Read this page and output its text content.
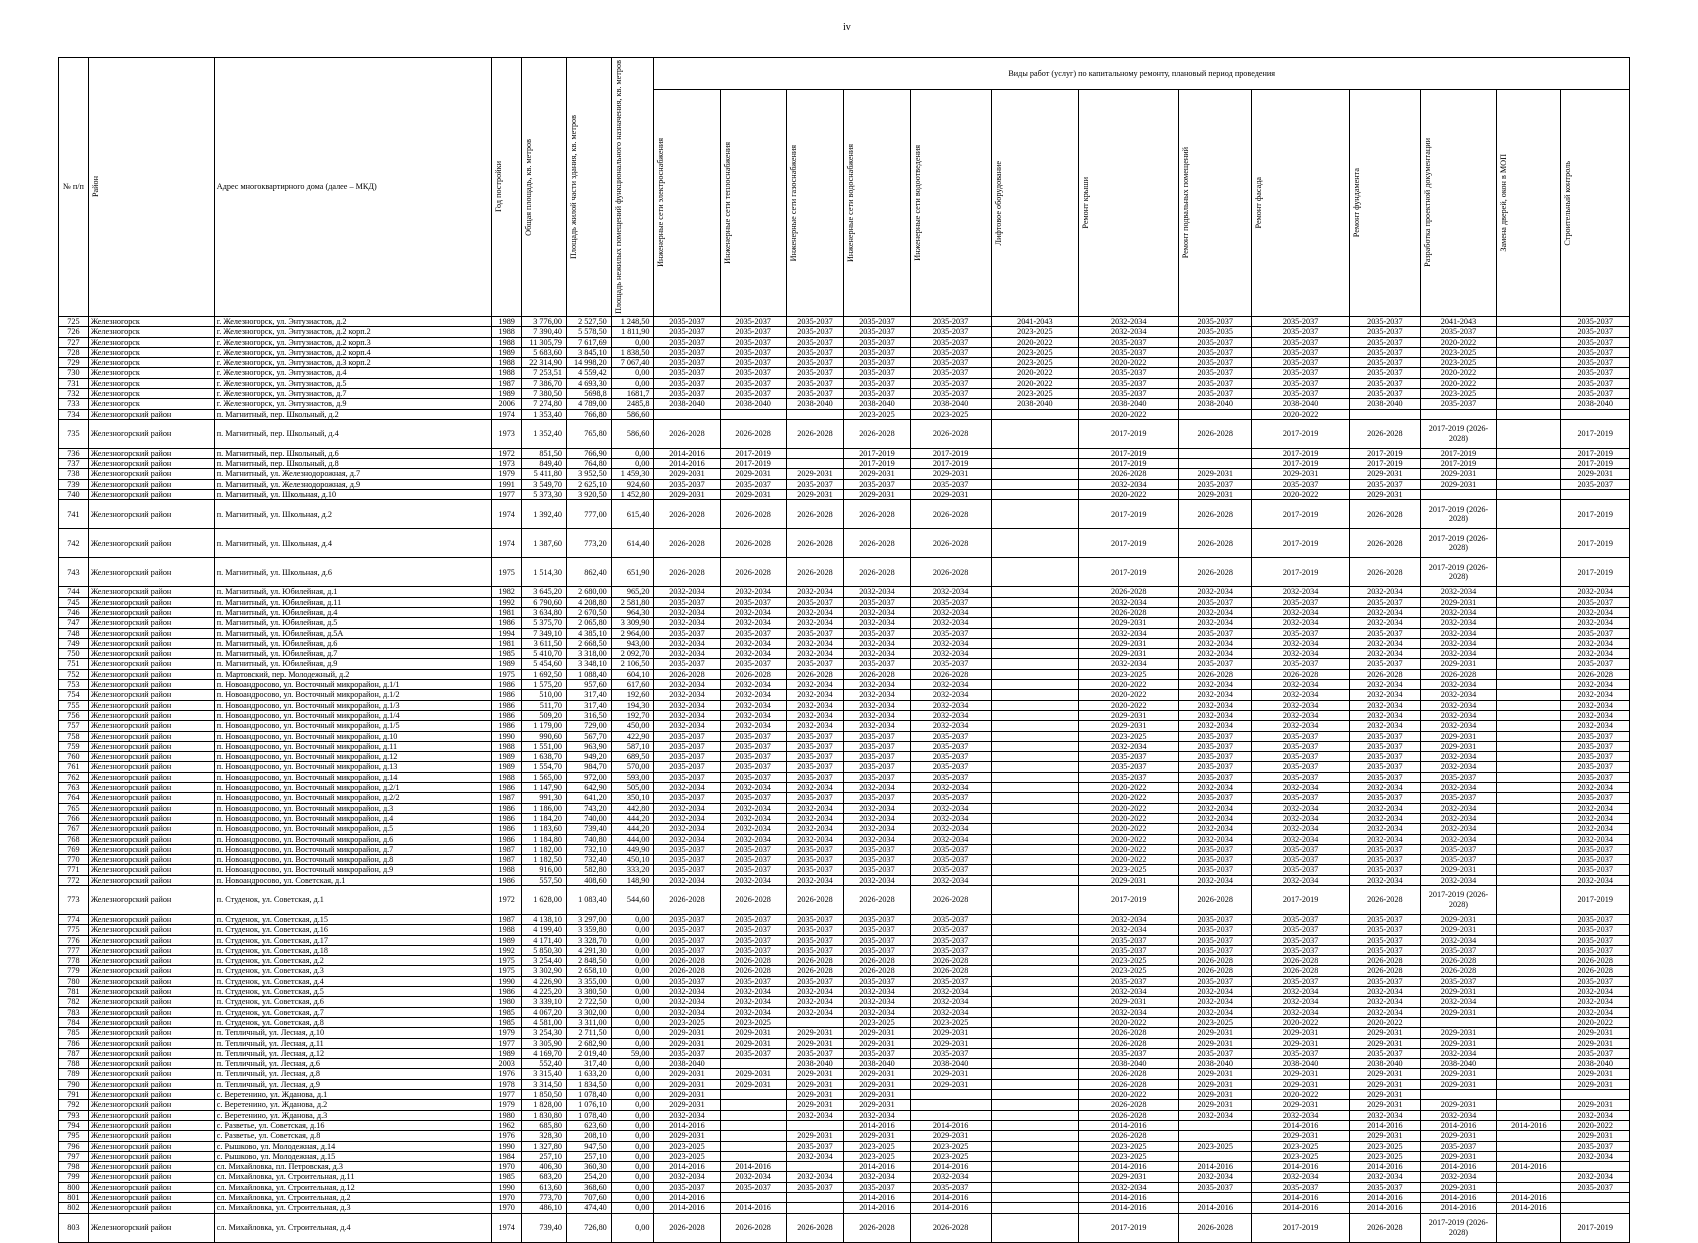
iv
№ п/п	Район	Адрес многоквартирного дома (далее – МКД)	Год постройки	Общая площадь, кв. метров	Площадь жилой части здания, кв. метров	Площадь нежилых помещений функционального назначения, кв. метров	Виды работ (услуг) по капитальному ремонту, плановый период проведения												

							Инженерные сети электроснабжения	Инженерные сети теплоснабжения	Инженерные сети газоснабжения	Инженерные сети водоснабжения	Инженерные сети водоотведения	Лифтовое оборудование	Ремонт крыши	Ремонт подвальных помещений	Ремонт фасада	Ремонт фундамента	Разработка проектной документации	Замена дверей, окон в МОП	Строительный контроль

725	Железногорск	г. Железногорск, ул. Энтузиастов, д.2	1989	3 776,00	2 527,50	1 248,50	2035-2037	2035-2037	2035-2037	2035-2037	2035-2037	2041-2043	2032-2034	2035-2037	2035-2037	2035-2037	2041-2043		2035-2037
726	Железногорск	г. Железногорск, ул. Энтузиастов, д.2 корп.2	1988	7 390,40	5 578,50	1 811,90	2035-2037	2035-2037	2035-2037	2035-2037	2035-2037	2023-2025	2032-2034	2035-2035	2035-2037	2035-2037	2035-2037		2035-2037
727	Железногорск	г. Железногорск, ул. Энтузиастов, д.2 корп.3	1988	11 305,79	7 617,69	0,00	2035-2037	2035-2037	2035-2037	2035-2037	2035-2037	2020-2022	2035-2037	2035-2037	2035-2037	2035-2037	2020-2022		2035-2037
728	Железногорск	г. Железногорск, ул. Энтузиастов, д.2 корп.4	1989	5 683,60	3 845,10	1 838,50	2035-2037	2035-2037	2035-2037	2035-2037	2035-2037	2023-2025	2035-2037	2035-2037	2035-2037	2035-2037	2023-2025		2035-2037
729	Железногорск	г. Железногорск, ул. Энтузиастов, д.3 корп.2	1988	22 314,90	14 998,20	7 067,40	2035-2037	2035-2037	2035-2037	2035-2037	2035-2037	2023-2025	2020-2022	2035-2037	2035-2037	2035-2037	2023-2025		2035-2037
730	Железногорск	г. Железногорск, ул. Энтузиастов, д.4	1988	7 253,51	4 559,42	0,00	2035-2037	2035-2037	2035-2037	2035-2037	2035-2037	2020-2022	2035-2037	2035-2037	2035-2037	2035-2037	2020-2022		2035-2037
731	Железногорск	г. Железногорск, ул. Энтузиастов, д.5	1987	7 386,70	4 693,30	0,00	2035-2037	2035-2037	2035-2037	2035-2037	2035-2037	2020-2022	2035-2037	2035-2037	2035-2037	2035-2037	2020-2022		2035-2037
732	Железногорск	г. Железногорск, ул. Энтузиастов, д.7	1989	7 380,50	5698,8	1681,7	2035-2037	2035-2037	2035-2037	2035-2037	2035-2037	2023-2025	2035-2037	2035-2037	2035-2037	2035-2037	2023-2025		2035-2037
733	Железногорск	г. Железногорск, ул. Энтузиастов, д.9	2006	7 274,80	4 789,00	2485,8	2038-2040	2038-2040	2038-2040	2038-2040	2038-2040	2038-2040	2038-2040	2038-2040	2038-2040	2038-2040	2035-2037		2038-2040
734	Железногорский район	п. Магнитный, пер. Школьный, д.2	1974	1 353,40	766,80	586,60				2023-2025	2023-2025		2020-2022		2020-2022				
735	Железногорский район	п. Магнитный, пер. Школьный, д.4	1973	1 352,40	765,80	586,60	2026-2028	2026-2028	2026-2028	2026-2028	2026-2028		2017-2019	2026-2028	2017-2019	2026-2028	2017-2019 (2026-2028)		2017-2019
736	Железногорский район	п. Магнитный, пер. Школьный, д.6	1972	851,50	766,90	0,00	2014-2016	2017-2019		2017-2019	2017-2019		2017-2019		2017-2019	2017-2019	2017-2019		2017-2019
737	Железногорский район	п. Магнитный, пер. Школьный, д.8	1973	849,40	764,80	0,00	2014-2016	2017-2019		2017-2019	2017-2019		2017-2019		2017-2019	2017-2019	2017-2019		2017-2019
738	Железногорский район	п. Магнитный, ул. Железнодорожная, д.7	1979	5 411,80	3 952,50	1 459,30	2029-2031	2029-2031	2029-2031	2029-2031	2029-2031		2026-2028	2029-2031	2029-2031	2029-2031	2029-2031		2029-2031
739	Железногорский район	п. Магнитный, ул. Железнодорожная, д.9	1991	3 549,70	2 625,10	924,60	2035-2037	2035-2037	2035-2037	2035-2037	2035-2037		2032-2034	2035-2037	2035-2037	2035-2037	2029-2031		2035-2037
740	Железногорский район	п. Магнитный, ул. Школьная, д.10	1977	5 373,30	3 920,50	1 452,80	2029-2031	2029-2031	2029-2031	2029-2031	2029-2031		2020-2022	2029-2031	2020-2022	2029-2031			
741	Железногорский район	п. Магнитный, ул. Школьная, д.2	1974	1 392,40	777,00	615,40	2026-2028	2026-2028	2026-2028	2026-2028	2026-2028		2017-2019	2026-2028	2017-2019	2026-2028	2017-2019 (2026-2028)		2017-2019
742	Железногорский район	п. Магнитный, ул. Школьная, д.4	1974	1 387,60	773,20	614,40	2026-2028	2026-2028	2026-2028	2026-2028	2026-2028		2017-2019	2026-2028	2017-2019	2026-2028	2017-2019 (2026-2028)		2017-2019
743	Железногорский район	п. Магнитный, ул. Школьная, д.6	1975	1 514,30	862,40	651,90	2026-2028	2026-2028	2026-2028	2026-2028	2026-2028		2017-2019	2026-2028	2017-2019	2026-2028	2017-2019 (2026-2028)		2017-2019
744	Железногорский район	п. Магнитный, ул. Юбилейная, д.1	1982	3 645,20	2 680,00	965,20	2032-2034	2032-2034	2032-2034	2032-2034	2032-2034		2026-2028	2032-2034	2032-2034	2032-2034	2032-2034		2032-2034
745	Железногорский район	п. Магнитный, ул. Юбилейная, д.11	1992	6 790,60	4 208,80	2 581,80	2035-2037	2035-2037	2035-2037	2035-2037	2035-2037		2032-2034	2035-2037	2035-2037	2035-2037	2029-2031		2035-2037
746	Железногорский район	п. Магнитный, ул. Юбилейная, д.4	1981	3 634,80	2 670,50	964,30	2032-2034	2032-2034	2032-2034	2032-2034	2032-2034		2026-2028	2032-2034	2032-2034	2032-2034	2032-2034		2032-2034
747	Железногорский район	п. Магнитный, ул. Юбилейная, д.5	1986	5 375,70	2 065,80	3 309,90	2032-2034	2032-2034	2032-2034	2032-2034	2032-2034		2029-2031	2032-2034	2032-2034	2032-2034	2032-2034		2032-2034
748	Железногорский район	п. Магнитный, ул. Юбилейная, д.5А	1994	7 349,10	4 385,10	2 964,00	2035-2037	2035-2037	2035-2037	2035-2037	2035-2037		2032-2034	2035-2037	2035-2037	2035-2037	2032-2034		2035-2037
749	Железногорский район	п. Магнитный, ул. Юбилейная, д.6	1981	3 611,50	2 668,50	943,00	2032-2034	2032-2034	2032-2034	2032-2034	2032-2034		2029-2031	2032-2034	2032-2034	2032-2034	2032-2034		2032-2034
750	Железногорский район	п. Магнитный, ул. Юбилейная, д.7	1985	5 410,70	3 318,00	2 092,70	2032-2034	2032-2034	2032-2034	2032-2034	2032-2034		2029-2031	2032-2034	2032-2034	2032-2034	2032-2034		2032-2034
751	Железногорский район	п. Магнитный, ул. Юбилейная, д.9	1989	5 454,60	3 348,10	2 106,50	2035-2037	2035-2037	2035-2037	2035-2037	2035-2037		2032-2034	2035-2037	2035-2037	2035-2037	2029-2031		2035-2037
752	Железногорский район	п. Мартовский, пер. Молодежный, д.2	1975	1 692,50	1 088,40	604,10	2026-2028	2026-2028	2026-2028	2026-2028	2026-2028		2023-2025	2026-2028	2026-2028	2026-2028	2026-2028		2026-2028
753	Железногорский район	п. Новоандросово, ул. Восточный микрорайон, д.1/1	1986	1 575,20	957,60	617,60	2032-2034	2032-2034	2032-2034	2032-2034	2032-2034		2020-2022	2032-2034	2032-2034	2032-2034	2032-2034		2032-2034
754	Железногорский район	п. Новоандросово, ул. Восточный микрорайон, д.1/2	1986	510,00	317,40	192,60	2032-2034	2032-2034	2032-2034	2032-2034	2032-2034		2020-2022	2032-2034	2032-2034	2032-2034	2032-2034		2032-2034
755	Железногорский район	п. Новоандросово, ул. Восточный микрорайон, д.1/3	1986	511,70	317,40	194,30	2032-2034	2032-2034	2032-2034	2032-2034	2032-2034		2020-2022	2032-2034	2032-2034	2032-2034	2032-2034		2032-2034
756	Железногорский район	п. Новоандросово, ул. Восточный микрорайон, д.1/4	1986	509,20	316,50	192,70	2032-2034	2032-2034	2032-2034	2032-2034	2032-2034		2029-2031	2032-2034	2032-2034	2032-2034	2032-2034		2032-2034
757	Железногорский район	п. Новоандросово, ул. Восточный микрорайон, д.1/5	1986	1 179,00	729,00	450,00	2032-2034	2032-2034	2032-2034	2032-2034	2032-2034		2029-2031	2032-2034	2032-2034	2032-2034	2032-2034		2032-2034
758	Железногорский район	п. Новоандросово, ул. Восточный микрорайон, д.10	1990	990,60	567,70	422,90	2035-2037	2035-2037	2035-2037	2035-2037	2035-2037		2023-2025	2035-2037	2035-2037	2035-2037	2029-2031		2035-2037
759	Железногорский район	п. Новоандросово, ул. Восточный микрорайон, д.11	1988	1 551,00	963,90	587,10	2035-2037	2035-2037	2035-2037	2035-2037	2035-2037		2032-2034	2035-2037	2035-2037	2035-2037	2029-2031		2035-2037
760	Железногорский район	п. Новоандросово, ул. Восточный микрорайон, д.12	1989	1 638,70	949,20	689,50	2035-2037	2035-2037	2035-2037	2035-2037	2035-2037		2035-2037	2035-2037	2035-2037	2035-2037	2032-2034		2035-2037
761	Железногорский район	п. Новоандросово, ул. Восточный микрорайон, д.13	1989	1 554,70	984,70	570,00	2035-2037	2035-2037	2035-2037	2035-2037	2035-2037		2035-2037	2035-2037	2035-2037	2035-2037	2032-2034		2035-2037
762	Железногорский район	п. Новоандросово, ул. Восточный микрорайон, д.14	1988	1 565,00	972,00	593,00	2035-2037	2035-2037	2035-2037	2035-2037	2035-2037		2035-2037	2035-2037	2035-2037	2035-2037	2035-2037		2035-2037
763	Железногорский район	п. Новоандросово, ул. Восточный микрорайон, д.2/1	1986	1 147,90	642,90	505,00	2032-2034	2032-2034	2032-2034	2032-2034	2032-2034		2020-2022	2032-2034	2032-2034	2032-2034	2032-2034		2032-2034
764	Железногорский район	п. Новоандросово, ул. Восточный микрорайон, д.2/2	1987	991,30	641,20	350,10	2035-2037	2035-2037	2035-2037	2035-2037	2035-2037		2020-2022	2035-2037	2035-2037	2035-2037	2035-2037		2035-2037
765	Железногорский район	п. Новоандросово, ул. Восточный микрорайон, д.3	1986	1 186,00	743,20	442,80	2032-2034	2032-2034	2032-2034	2032-2034	2032-2034		2020-2022	2032-2034	2032-2034	2032-2034	2032-2034		2032-2034
766	Железногорский район	п. Новоандросово, ул. Восточный микрорайон, д.4	1986	1 184,20	740,00	444,20	2032-2034	2032-2034	2032-2034	2032-2034	2032-2034		2020-2022	2032-2034	2032-2034	2032-2034	2032-2034		2032-2034
767	Железногорский район	п. Новоандросово, ул. Восточный микрорайон, д.5	1986	1 183,60	739,40	444,20	2032-2034	2032-2034	2032-2034	2032-2034	2032-2034		2020-2022	2032-2034	2032-2034	2032-2034	2032-2034		2032-2034
768	Железногорский район	п. Новоандросово, ул. Восточный микрорайон, д.6	1986	1 184,80	740,80	444,00	2032-2034	2032-2034	2032-2034	2032-2034	2032-2034		2020-2022	2032-2034	2032-2034	2032-2034	2032-2034		2032-2034
769	Железногорский район	п. Новоандросово, ул. Восточный микрорайон, д.7	1987	1 182,00	732,10	449,90	2035-2037	2035-2037	2035-2037	2035-2037	2035-2037		2020-2022	2035-2037	2035-2037	2035-2037	2035-2037		2035-2037
770	Железногорский район	п. Новоандросово, ул. Восточный микрорайон, д.8	1987	1 182,50	732,40	450,10	2035-2037	2035-2037	2035-2037	2035-2037	2035-2037		2020-2022	2035-2037	2035-2037	2035-2037	2035-2037		2035-2037
771	Железногорский район	п. Новоандросово, ул. Восточный микрорайон, д.9	1988	916,00	582,80	333,20	2035-2037	2035-2037	2035-2037	2035-2037	2035-2037		2023-2025	2035-2037	2035-2037	2035-2037	2029-2031		2035-2037
772	Железногорский район	п. Новоандросово, ул. Советская, д.1	1986	557,50	408,60	148,90	2032-2034	2032-2034	2032-2034	2032-2034	2032-2034		2029-2031	2032-2034	2032-2034	2032-2034	2032-2034		2032-2034
773	Железногорский район	п. Студенок, ул. Советская, д.1	1972	1 628,00	1 083,40	544,60	2026-2028	2026-2028	2026-2028	2026-2028	2026-2028		2017-2019	2026-2028	2017-2019	2026-2028	2017-2019 (2026-2028)		2017-2019
774	Железногорский район	п. Студенок, ул. Советская, д.15	1987	4 138,10	3 297,00	0,00	2035-2037	2035-2037	2035-2037	2035-2037	2035-2037		2032-2034	2035-2037	2035-2037	2035-2037	2029-2031		2035-2037
775	Железногорский район	п. Студенок, ул. Советская, д.16	1988	4 199,40	3 359,80	0,00	2035-2037	2035-2037	2035-2037	2035-2037	2035-2037		2032-2034	2035-2037	2035-2037	2035-2037	2029-2031		2035-2037
776	Железногорский район	п. Студенок, ул. Советская, д.17	1989	4 171,40	3 328,70	0,00	2035-2037	2035-2037	2035-2037	2035-2037	2035-2037		2035-2037	2035-2037	2035-2037	2035-2037	2032-2034		2035-2037
777	Железногорский район	п. Студенок, ул. Советская, д.18	1992	5 850,30	4 291,30	0,00	2035-2037	2035-2037	2035-2037	2035-2037	2035-2037		2035-2037	2035-2037	2035-2037	2035-2037	2035-2037		2035-2037
778	Железногорский район	п. Студенок, ул. Советская, д.2	1975	3 254,40	2 848,50	0,00	2026-2028	2026-2028	2026-2028	2026-2028	2026-2028		2023-2025	2026-2028	2026-2028	2026-2028	2026-2028		2026-2028
779	Железногорский район	п. Студенок, ул. Советская, д.3	1975	3 302,90	2 658,10	0,00	2026-2028	2026-2028	2026-2028	2026-2028	2026-2028		2023-2025	2026-2028	2026-2028	2026-2028	2026-2028		2026-2028
780	Железногорский район	п. Студенок, ул. Советская, д.4	1990	4 226,90	3 355,00	0,00	2035-2037	2035-2037	2035-2037	2035-2037	2035-2037		2035-2037	2035-2037	2035-2037	2035-2037	2035-2037		2035-2037
781	Железногорский район	п. Студенок, ул. Советская, д.5	1986	4 225,20	3 380,50	0,00	2032-2034	2032-2034	2032-2034	2032-2034	2032-2034		2032-2034	2032-2034	2032-2034	2032-2034	2029-2031		2032-2034
782	Железногорский район	п. Студенок, ул. Советская, д.6	1980	3 339,10	2 722,50	0,00	2032-2034	2032-2034	2032-2034	2032-2034	2032-2034		2029-2031	2032-2034	2032-2034	2032-2034	2032-2034		2032-2034
783	Железногорский район	п. Студенок, ул. Советская, д.7	1985	4 067,20	3 302,00	0,00	2032-2034	2032-2034	2032-2034	2032-2034	2032-2034		2032-2034	2032-2034	2032-2034	2032-2034	2029-2031		2032-2034
784	Железногорский район	п. Студенок, ул. Советская, д.8	1985	4 581,00	3 311,00	0,00	2023-2025	2023-2025		2023-2025	2023-2025		2020-2022	2023-2025	2020-2022	2020-2022			2020-2022
785	Железногорский район	п. Тепличный, ул. Лесная, д.10	1979	3 254,30	2 711,50	0,00	2029-2031	2029-2031	2029-2031	2029-2031	2029-2031		2026-2028	2029-2031	2029-2031	2029-2031	2029-2031		2029-2031
786	Железногорский район	п. Тепличный, ул. Лесная, д.11	1977	3 305,90	2 682,90	0,00	2029-2031	2029-2031	2029-2031	2029-2031	2029-2031		2026-2028	2029-2031	2029-2031	2029-2031	2029-2031		2029-2031
787	Железногорский район	п. Тепличный, ул. Лесная, д.12	1989	4 169,70	2 019,40	59,00	2035-2037	2035-2037	2035-2037	2035-2037	2035-2037		2035-2037	2035-2037	2035-2037	2035-2037	2032-2034		2035-2037
788	Железногорский район	п. Тепличный, ул. Лесная, д.6	2003	552,40	317,40	0,00	2038-2040		2038-2040	2038-2040	2038-2040		2038-2040	2038-2040	2038-2040	2038-2040	2038-2040		2038-2040
789	Железногорский район	п. Тепличный, ул. Лесная, д.8	1976	3 315,40	1 633,20	0,00	2029-2031	2029-2031	2029-2031	2029-2031	2029-2031		2026-2028	2029-2031	2029-2031	2029-2031	2029-2031		2029-2031
790	Железногорский район	п. Тепличный, ул. Лесная, д.9	1978	3 314,50	1 834,50	0,00	2029-2031	2029-2031	2029-2031	2029-2031	2029-2031		2026-2028	2029-2031	2029-2031	2029-2031	2029-2031		2029-2031
791	Железногорский район	с. Веретенино, ул. Жданова, д.1	1977	1 850,50	1 078,40	0,00	2029-2031		2029-2031	2029-2031			2020-2022	2029-2031	2020-2022	2029-2031			
792	Железногорский район	с. Веретенино, ул. Жданова, д.2	1979	1 828,00	1 076,10	0,00	2029-2031		2029-2031	2029-2031			2026-2028	2029-2031	2029-2031	2029-2031	2029-2031		2029-2031
793	Железногорский район	с. Веретенино, ул. Жданова, д.3	1980	1 830,80	1 078,40	0,00	2032-2034		2032-2034	2032-2034			2026-2028	2032-2034	2032-2034	2032-2034	2032-2034		2032-2034
794	Железногорский район	с. Разветье, ул. Советская, д.16	1962	685,80	623,60	0,00	2014-2016			2014-2016	2014-2016		2014-2016		2014-2016	2014-2016	2014-2016	2014-2016	2020-2022
795	Железногорский район	с. Разветье, ул. Советская, д.8	1976	328,30	208,10	0,00	2029-2031		2029-2031	2029-2031	2029-2031		2026-2028		2029-2031	2029-2031	2029-2031		2029-2031
796	Железногорский район	с. Рышково, ул. Молодежная, д.14	1990	1 327,80	947,50	0,00	2023-2025		2035-2037	2023-2025	2023-2025		2023-2025	2023-2025	2023-2025	2023-2025	2035-2037		2035-2037
797	Железногорский район	с. Рышково, ул. Молодежная, д.15	1984	257,10	257,10	0,00	2023-2025		2032-2034	2023-2025	2023-2025		2023-2025		2023-2025	2023-2025	2029-2031		2032-2034
798	Железногорский район	сл. Михайловка, пл. Петровская, д.3	1970	406,30	360,30	0,00	2014-2016	2014-2016		2014-2016	2014-2016		2014-2016	2014-2016	2014-2016	2014-2016	2014-2016	2014-2016	
799	Железногорский район	сл. Михайловка, ул. Строительная, д.11	1985	683,20	254,20	0,00	2032-2034	2032-2034	2032-2034	2032-2034	2032-2034		2029-2031	2032-2034	2032-2034	2032-2034	2032-2034		2032-2034
800	Железногорский район	сл. Михайловка, ул. Строительная, д.12	1990	613,60	368,60	0,00	2035-2037	2035-2037	2035-2037	2035-2037	2035-2037		2032-2034	2035-2037	2035-2037	2035-2037	2029-2031		2035-2037
801	Железногорский район	сл. Михайловка, ул. Строительная, д.2	1970	773,70	707,60	0,00	2014-2016			2014-2016	2014-2016		2014-2016		2014-2016	2014-2016	2014-2016	2014-2016	
802	Железногорский район	сл. Михайловка, ул. Строительная, д.3	1970	486,10	474,40	0,00	2014-2016	2014-2016		2014-2016	2014-2016		2014-2016	2014-2016	2014-2016	2014-2016	2014-2016	2014-2016	
803	Железногорский район	сл. Михайловка, ул. Строительная, д.4	1974	739,40	726,80	0,00	2026-2028	2026-2028	2026-2028	2026-2028	2026-2028		2017-2019	2026-2028	2017-2019	2026-2028	2017-2019 (2026-2028)		2017-2019
